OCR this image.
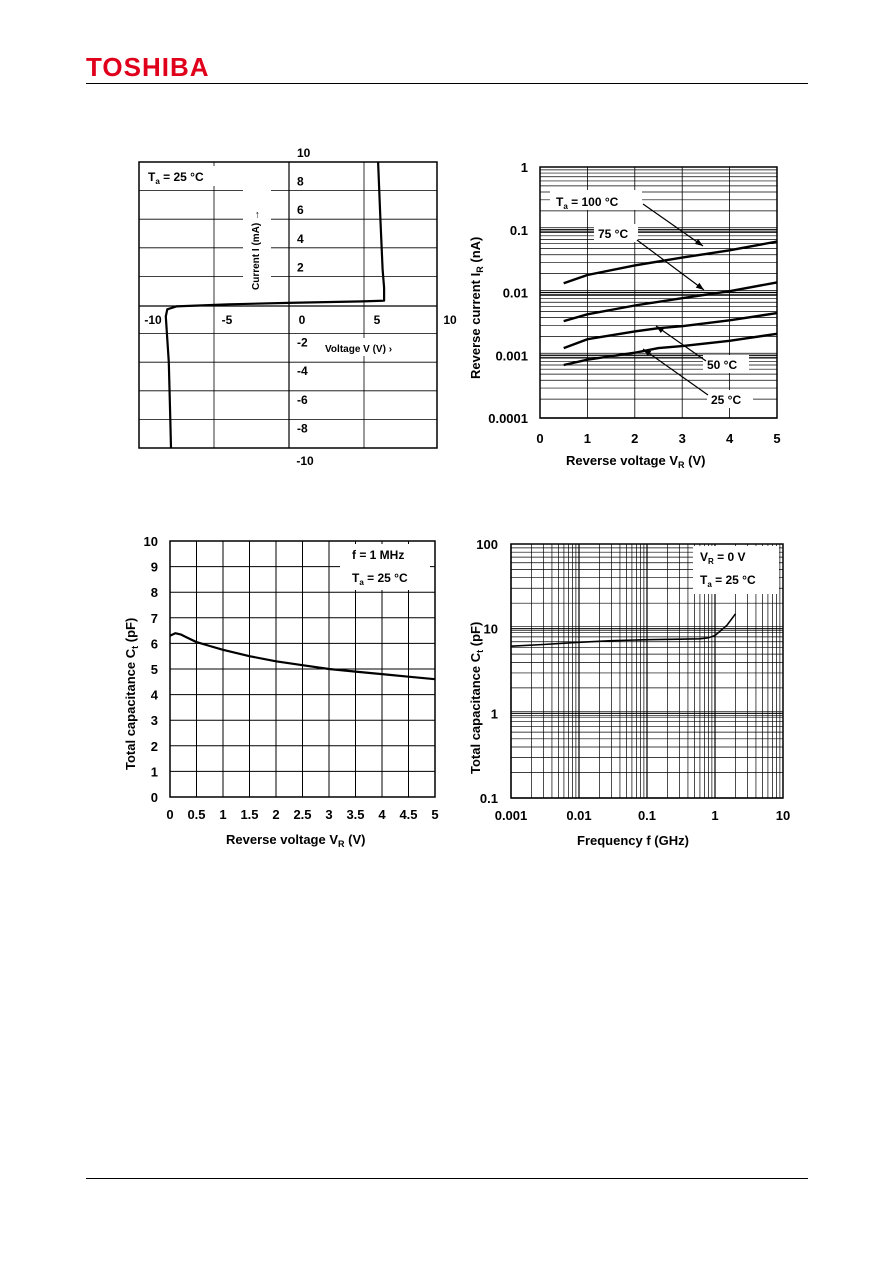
TOSHIBA
-10	-5	0	5	10
10
8
6
4
2
-2
-4
-6
-8
-10
$T_a = 25$ °C
Current I (mA) →
Voltage V (V) ›
1
0.1
0.01
0.001
0.0001
0	1	2	3	4	5
Reverse voltage $V_R$ (V)
Reverse current $I_R$ (nA)
$T_a = 100$ °C
75 °C
50 °C
25 °C
10
9
8
7
6
5
4
3
2
1
0
0 0.5 1 1.5 2 2.5 3 3.5 4 4.5 5
Reverse voltage $V_R$ (V)
Total capacitance $C_t$ (pF)
f = 1 MHz
$T_a = 25$ °C
100
10
1
0.1
0.001	0.01	0.1	1	10
Frequency f (GHz)
Total capacitance $C_t$ (pF)
$V_R = 0$ V
$T_a = 25$ °C
